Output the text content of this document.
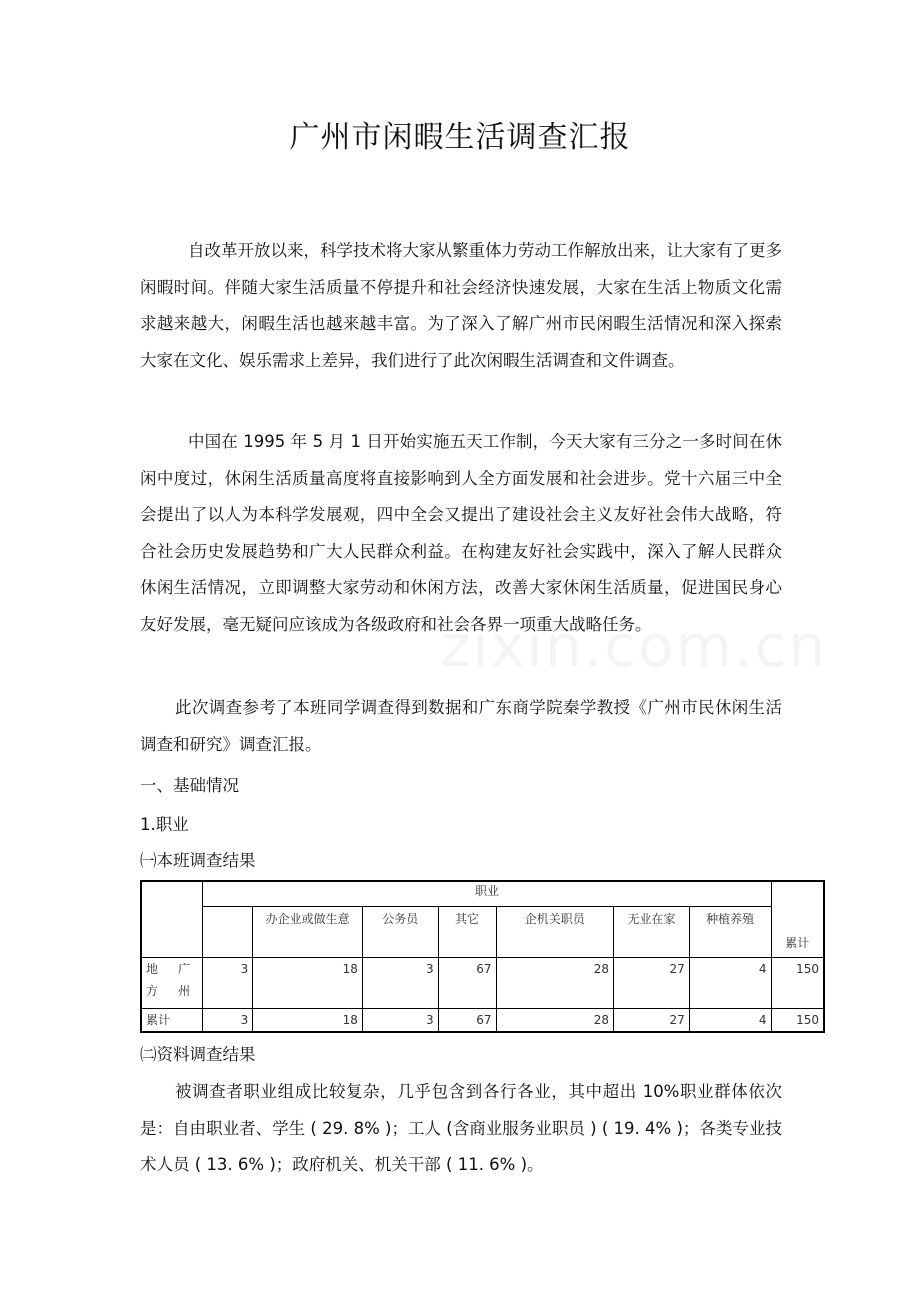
广州市闲暇生活调查汇报

自改革开放以来，科学技术将大家从繁重体力劳动工作解放出来，让大家有了更多闲暇时间。伴随大家生活质量不停提升和社会经济快速发展，大家在生活上物质文化需求越来越大，闲暇生活也越来越丰富。为了深入了解广州市民闲暇生活情况和深入探索大家在文化、娱乐需求上差异，我们进行了此次闲暇生活调查和文件调查。

中国在 1995 年 5 月 1 日开始实施五天工作制，今天大家有三分之一多时间在休闲中度过，休闲生活质量高度将直接影响到人全方面发展和社会进步。党十六届三中全会提出了以人为本科学发展观，四中全会又提出了建设社会主义友好社会伟大战略，符合社会历史发展趋势和广大人民群众利益。在构建友好社会实践中，深入了解人民群众休闲生活情况，立即调整大家劳动和休闲方法，改善大家休闲生活质量，促进国民身心友好发展，毫无疑问应该成为各级政府和社会各界一项重大战略任务。

此次调查参考了本班同学调查得到数据和广东商学院秦学教授《广州市民休闲生活调查和研究》调查汇报。

一、基础情况
1.职业
㈠本班调查结果
	职业							累计
		办企业或做生意	公务员	其它	企机关职员	无业在家	种植养殖	

地 广
方 州	3	18	3	67	28	27	4	150
累计	3	18	3	67	28	27	4	150
㈡资料调查结果

被调查者职业组成比较复杂，几乎包含到各行各业，其中超出 10%职业群体依次是：自由职业者、学生 ( 29. 8% )；工人 (含商业服务业职员 ) ( 19. 4% )；各类专业技术人员 ( 13. 6% )；政府机关、机关干部 ( 11. 6% )。
